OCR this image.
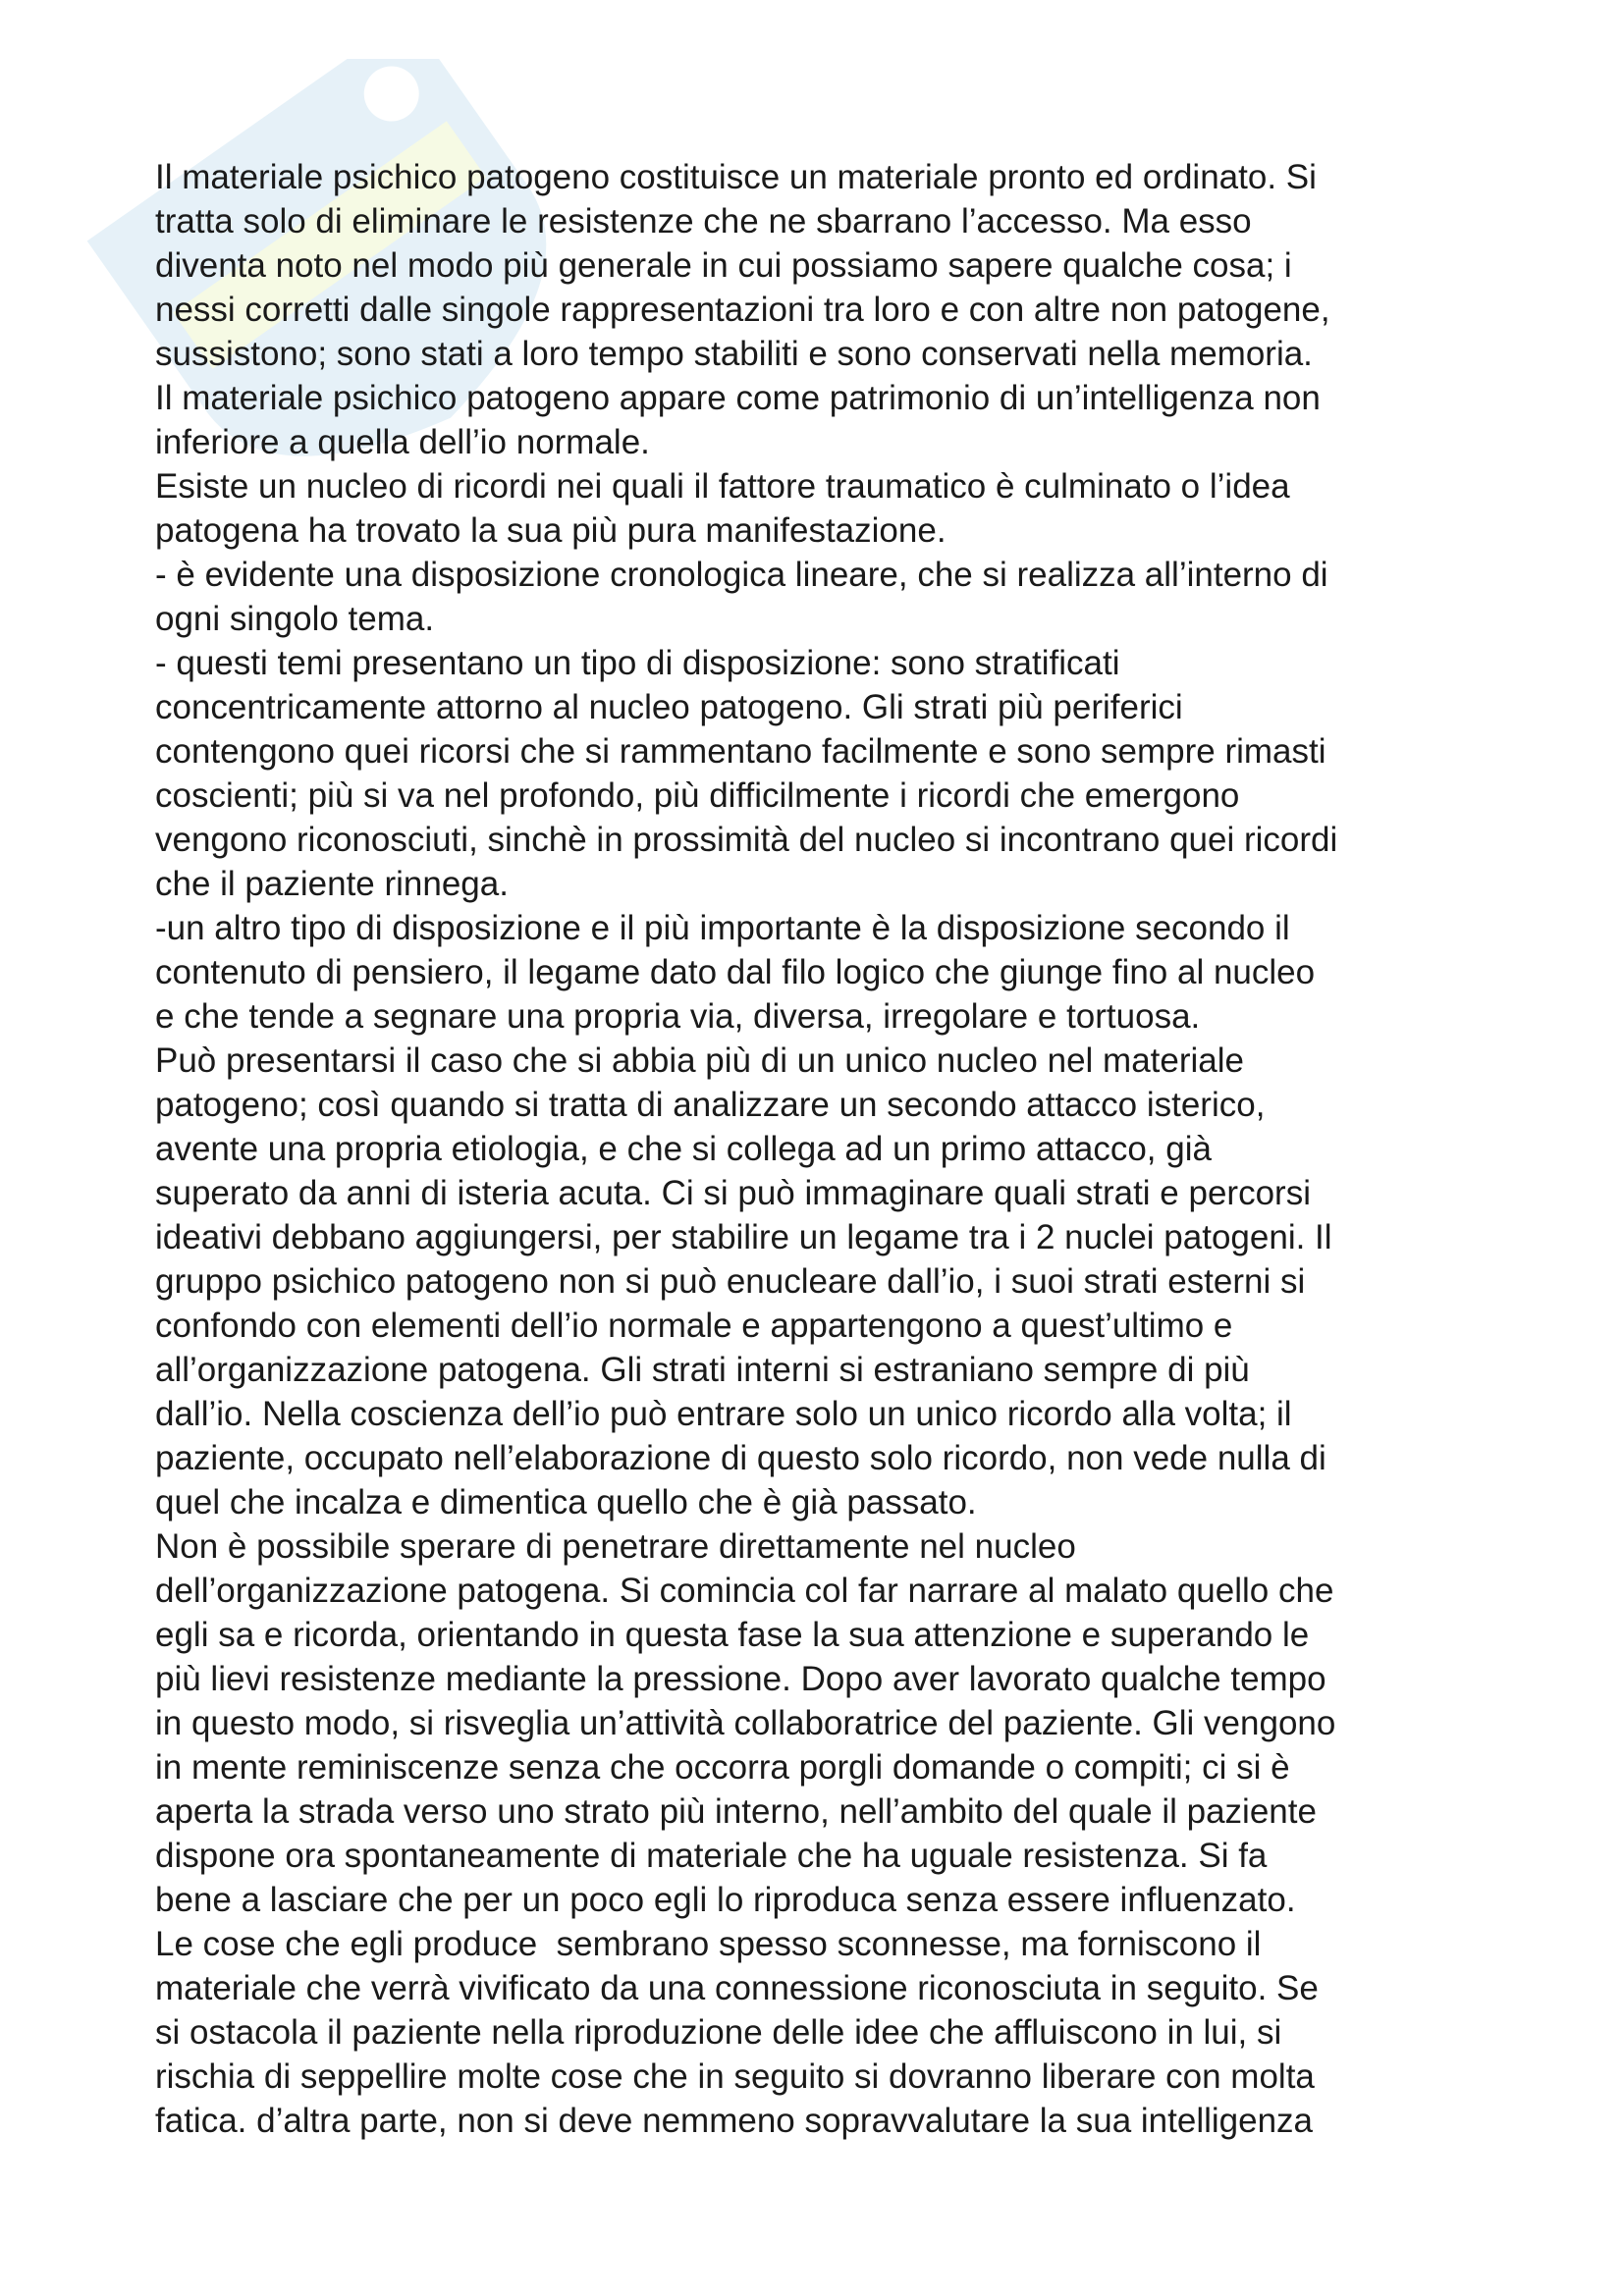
Il materiale psichico patogeno costituisce un materiale pronto ed ordinato. Si
tratta solo di eliminare le resistenze che ne sbarrano l’accesso. Ma esso
diventa noto nel modo più generale in cui possiamo sapere qualche cosa; i
nessi corretti dalle singole rappresentazioni tra loro e con altre non patogene,
sussistono; sono stati a loro tempo stabiliti e sono conservati nella memoria.
Il materiale psichico patogeno appare come patrimonio di un’intelligenza non
inferiore a quella dell’io normale.
Esiste un nucleo di ricordi nei quali il fattore traumatico è culminato o l’idea
patogena ha trovato la sua più pura manifestazione.
- è evidente una disposizione cronologica lineare, che si realizza all’interno di
ogni singolo tema.
- questi temi presentano un tipo di disposizione: sono stratificati
concentricamente attorno al nucleo patogeno. Gli strati più periferici
contengono quei ricorsi che si rammentano facilmente e sono sempre rimasti
coscienti; più si va nel profondo, più difficilmente i ricordi che emergono
vengono riconosciuti, sinchè in prossimità del nucleo si incontrano quei ricordi
che il paziente rinnega.
-un altro tipo di disposizione e il più importante è la disposizione secondo il
contenuto di pensiero, il legame dato dal filo logico che giunge fino al nucleo
e che tende a segnare una propria via, diversa, irregolare e tortuosa.
Può presentarsi il caso che si abbia più di un unico nucleo nel materiale
patogeno; così quando si tratta di analizzare un secondo attacco isterico,
avente una propria etiologia, e che si collega ad un primo attacco, già
superato da anni di isteria acuta. Ci si può immaginare quali strati e percorsi
ideativi debbano aggiungersi, per stabilire un legame tra i 2 nuclei patogeni. Il
gruppo psichico patogeno non si può enucleare dall’io, i suoi strati esterni si
confondo con elementi dell’io normale e appartengono a quest’ultimo e
all’organizzazione patogena. Gli strati interni si estraniano sempre di più
dall’io. Nella coscienza dell’io può entrare solo un unico ricordo alla volta; il
paziente, occupato nell’elaborazione di questo solo ricordo, non vede nulla di
quel che incalza e dimentica quello che è già passato.
Non è possibile sperare di penetrare direttamente nel nucleo
dell’organizzazione patogena. Si comincia col far narrare al malato quello che
egli sa e ricorda, orientando in questa fase la sua attenzione e superando le
più lievi resistenze mediante la pressione. Dopo aver lavorato qualche tempo
in questo modo, si risveglia un’attività collaboratrice del paziente. Gli vengono
in mente reminiscenze senza che occorra porgli domande o compiti; ci si è
aperta la strada verso uno strato più interno, nell’ambito del quale il paziente
dispone ora spontaneamente di materiale che ha uguale resistenza. Si fa
bene a lasciare che per un poco egli lo riproduca senza essere influenzato.
Le cose che egli produce  sembrano spesso sconnesse, ma forniscono il
materiale che verrà vivificato da una connessione riconosciuta in seguito. Se
si ostacola il paziente nella riproduzione delle idee che affluiscono in lui, si
rischia di seppellire molte cose che in seguito si dovranno liberare con molta
fatica. d’altra parte, non si deve nemmeno sopravvalutare la sua intelligenza
